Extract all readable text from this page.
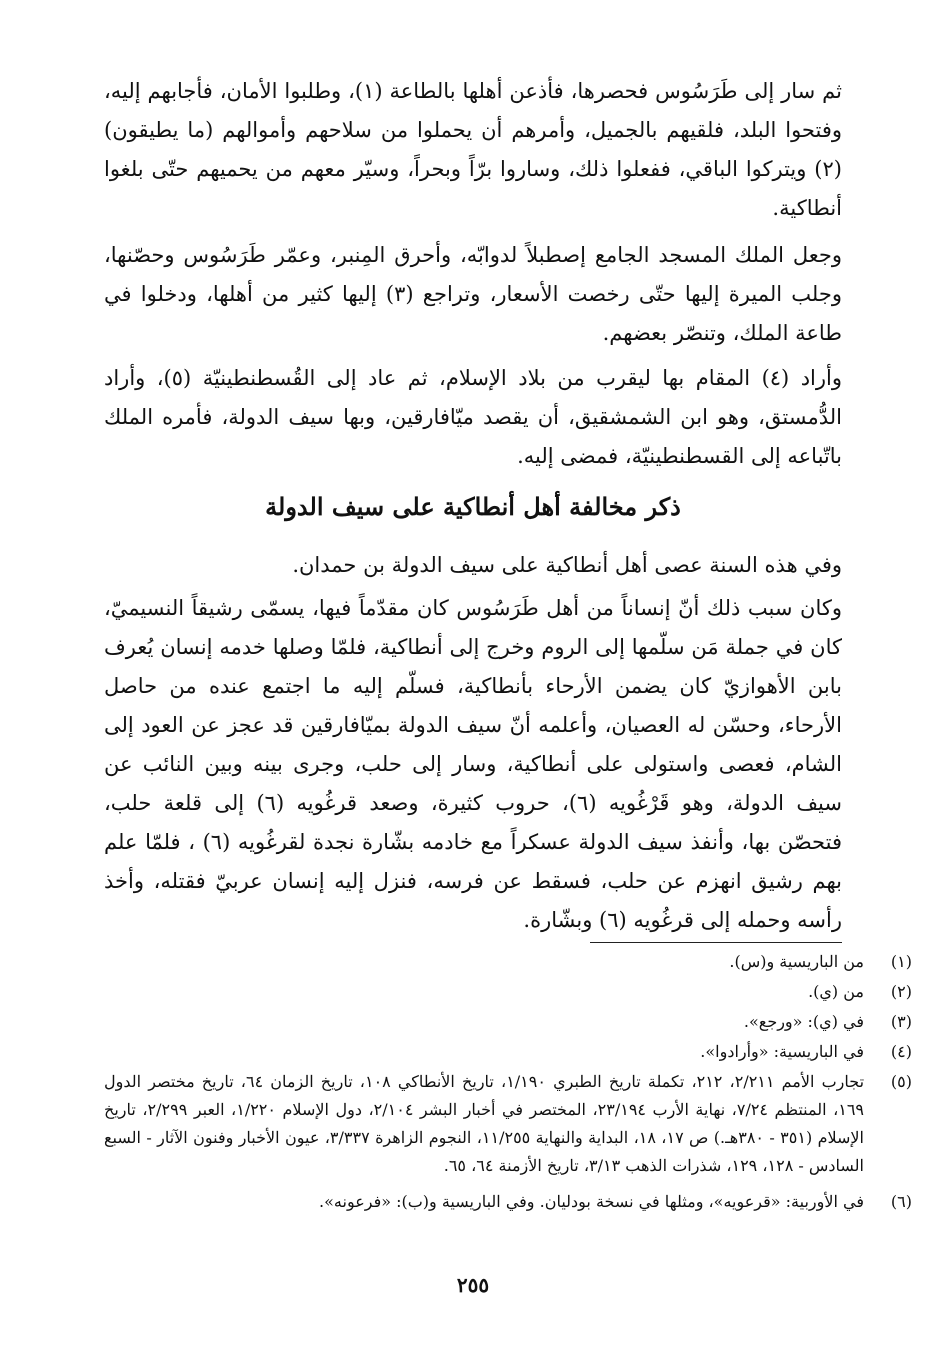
ثم سار إلى طَرَسُوس فحصرها، فأذعن أهلها بالطاعة (١)، وطلبوا الأمان، فأجابهم إليه، وفتحوا البلد، فلقيهم بالجميل، وأمرهم أن يحملوا من سلاحهم وأموالهم (ما يطيقون) (٢) ويتركوا الباقي، ففعلوا ذلك، وساروا برّاً وبحراً، وسيّر معهم من يحميهم حتّى بلغوا أنطاكية.

وجعل الملك المسجد الجامع إصطبلاً لدوابّه، وأحرق المِنبر، وعمّر طَرَسُوس وحصّنها، وجلب الميرة إليها حتّى رخصت الأسعار، وتراجع (٣) إليها كثير من أهلها، ودخلوا في طاعة الملك، وتنصّر بعضهم.

وأراد (٤) المقام بها ليقرب من بلاد الإسلام، ثم عاد إلى القُسطنطينيّة (٥)، وأراد الدُّمستق، وهو ابن الشمشقيق، أن يقصد ميّافارقين، وبها سيف الدولة، فأمره الملك باتّباعه إلى القسطنطينيّة، فمضى إليه.

ذكر مخالفة أهل أنطاكية على سيف الدولة

وفي هذه السنة عصى أهل أنطاكية على سيف الدولة بن حمدان.

وكان سبب ذلك أنّ إنساناً من أهل طَرَسُوس كان مقدّماً فيها، يسمّى رشيقاً النسيميّ، كان في جملة مَن سلّمها إلى الروم وخرج إلى أنطاكية، فلمّا وصلها خدمه إنسان يُعرف بابن الأهوازيّ كان يضمن الأرحاء بأنطاكية، فسلّم إليه ما اجتمع عنده من حاصل الأرحاء، وحسّن له العصيان، وأعلمه أنّ سيف الدولة بميّافارقين قد عجز عن العود إلى الشام، فعصى واستولى على أنطاكية، وسار إلى حلب، وجرى بينه وبين النائب عن سيف الدولة، وهو قَرْغُويه (٦)، حروب كثيرة، وصعد قرغُويه (٦) إلى قلعة حلب، فتحصّن بها، وأنفذ سيف الدولة عسكراً مع خادمه بشّارة نجدة لقرغُويه (٦) ، فلمّا علم بهم رشيق انهزم عن حلب، فسقط عن فرسه، فنزل إليه إنسان عربيّ فقتله، وأخذ رأسه وحمله إلى قرغُويه (٦) وبشّارة.

(١)
من الباريسية و(س).
(٢)
من (ي).
(٣)
في (ي): «ورجع».
(٤)
في الباريسية: «وأرادوا».
(٥)
تجارب الأمم ٢/٢١١، ٢١٢، تكملة تاريخ الطبري ١/١٩٠، تاريخ الأنطاكي ١٠٨، تاريخ الزمان ٦٤، تاريخ مختصر الدول ١٦٩، المنتظم ٧/٢٤، نهاية الأرب ٢٣/١٩٤، المختصر في أخبار البشر ٢/١٠٤، دول الإسلام ١/٢٢٠، العبر ٢/٢٩٩، تاريخ الإسلام (٣٥١ - ٣٨٠هـ.) ص ١٧، ١٨، البداية والنهاية ١١/٢٥٥، النجوم الزاهرة ٣/٣٣٧، عيون الأخبار وفنون الآثار - السبع السادس - ١٢٨، ١٢٩، شذرات الذهب ٣/١٣، تاريخ الأزمنة ٦٤، ٦٥.
(٦)
في الأوربية: «قرعويه»، ومثلها في نسخة بودليان. وفي الباريسية و(ب): «فرعونه».
٢٥٥
